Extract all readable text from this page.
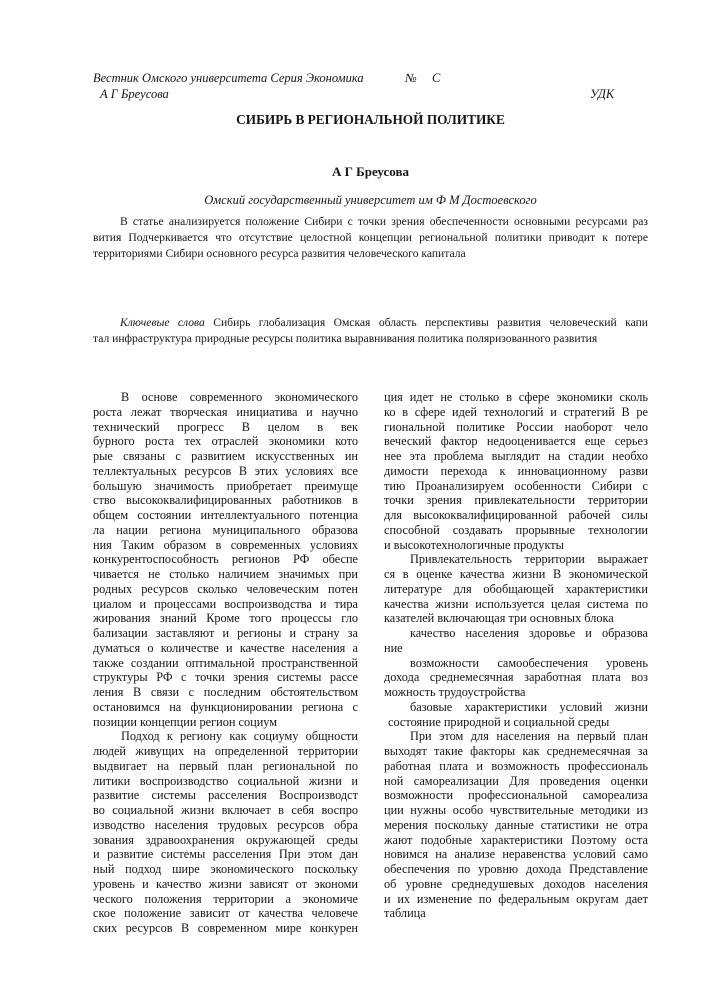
Вестник Омского университета Серия Экономика	№ С
А Г Бреусова	УДК
СИБИРЬ В РЕГИОНАЛЬНОЙ ПОЛИТИКЕ
А Г Бреусова
Омский государственный университет им Ф М Достоевского
В статье анализируется положение Сибири с точки зрения обеспеченности основными ресурсами раз
вития Подчеркивается что отсутствие целостной концепции региональной политики приводит к потере
территориями Сибири основного ресурса развития человеческого капитала
Ключевые слова Сибирь глобализация Омская область перспективы развития человеческий капи
тал инфраструктура природные ресурсы политика выравнивания политика поляризованного развития
В основе современного экономического
роста лежат творческая инициатива и научно
технический прогресс В целом в век
бурного роста тех отраслей экономики кото
рые связаны с развитием искусственных ин
теллектуальных ресурсов В этих условиях все
большую значимость приобретает преимуще
ство высококвалифицированных работников в
общем состоянии интеллектуального потенциа
ла нации региона муниципального образова
ния Таким образом в современных условиях
конкурентоспособность регионов РФ обеспе
чивается не столько наличием значимых при
родных ресурсов сколько человеческим потен
циалом и процессами воспроизводства и тира
жирования знаний Кроме того процессы гло
бализации заставляют и регионы и страну за
думаться о количестве и качестве населения а
также создании оптимальной пространственной
структуры РФ с точки зрения системы рассе
ления В связи с последним обстоятельством
остановимся на функционировании региона с
позиции концепции регион социум
Подход к региону как социуму общности
людей живущих на определенной территории
выдвигает на первый план региональной по
литики воспроизводство социальной жизни и
развитие системы расселения Воспроизводст
во социальной жизни включает в себя воспро
изводство населения трудовых ресурсов обра
зования здравоохранения окружающей среды
и развитие системы расселения При этом дан
ный подход шире экономического поскольку
уровень и качество жизни зависят от экономи
ческого положения территории а экономиче
ское положение зависит от качества человече
ских ресурсов В современном мире конкурен
ция идет не столько в сфере экономики сколь
ко в сфере идей технологий и стратегий В ре
гиональной политике России наоборот чело
веческий фактор недооценивается еще серьез
нее эта проблема выглядит на стадии необхо
димости перехода к инновационному разви
тию Проанализируем особенности Сибири с
точки зрения привлекательности территории
для высококвалифицированной рабочей силы
способной создавать прорывные технологии
и высокотехнологичные продукты
Привлекательность территории выражает
ся в оценке качества жизни В экономической
литературе для обобщающей характеристики
качества жизни используется целая система по
казателей включающая три основных блока
качество населения здоровье и образова
ние
возможности самообеспечения уровень
дохода среднемесячная заработная плата воз
можность трудоустройства
базовые характеристики условий жизни
состояние природной и социальной среды
При этом для населения на первый план
выходят такие факторы как среднемесячная за
работная плата и возможность профессиональ
ной самореализации Для проведения оценки
возможности профессиональной самореализа
ции нужны особо чувствительные методики из
мерения поскольку данные статистики не отра
жают подобные характеристики Поэтому оста
новимся на анализе неравенства условий само
обеспечения по уровню дохода Представление
об уровне среднедушевых доходов населения
и их изменение по федеральным округам дает
таблица
